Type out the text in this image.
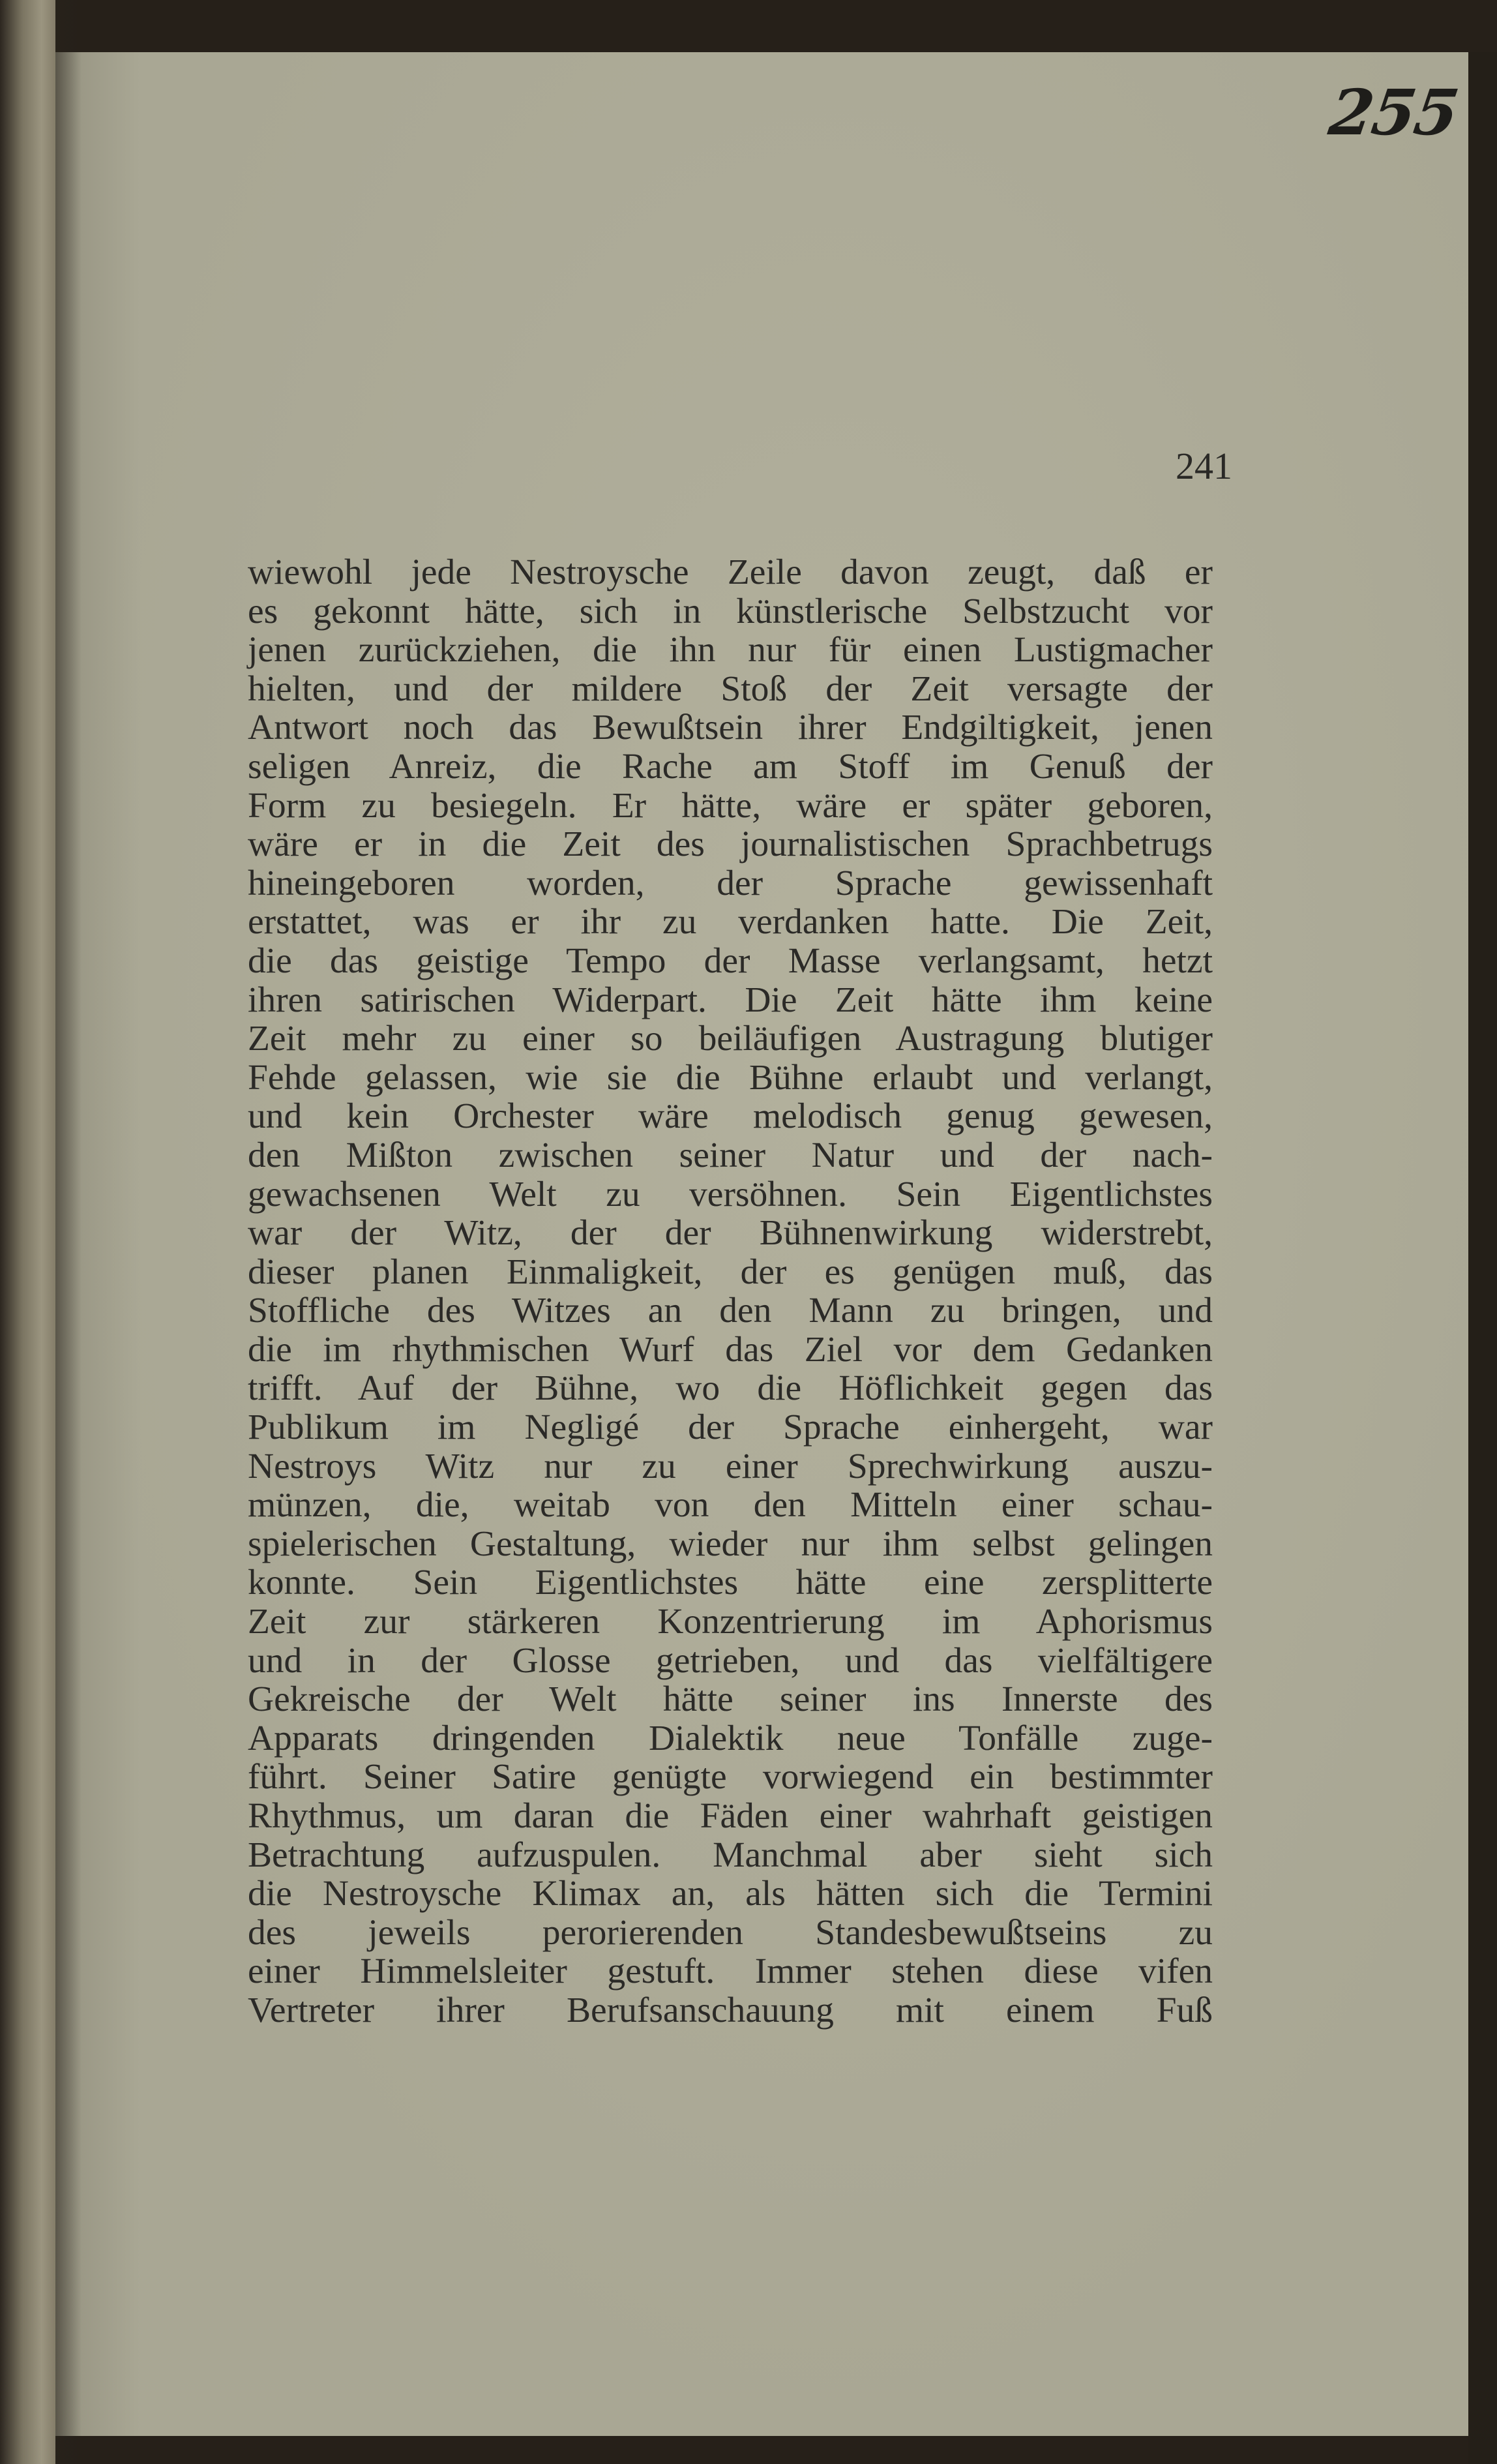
255
241
wiewohl jede Nestroysche Zeile davon zeugt, daß er
es gekonnt hätte, sich in künstlerische Selbstzucht vor
jenen zurückziehen, die ihn nur für einen Lustigmacher
hielten, und der mildere Stoß der Zeit versagte der
Antwort noch das Bewußtsein ihrer Endgiltigkeit, jenen
seligen Anreiz, die Rache am Stoff im Genuß der
Form zu besiegeln. Er hätte, wäre er später geboren,
wäre er in die Zeit des journalistischen Sprachbetrugs
hineingeboren worden, der Sprache gewissenhaft
erstattet, was er ihr zu verdanken hatte. Die Zeit,
die das geistige Tempo der Masse verlangsamt, hetzt
ihren satirischen Widerpart. Die Zeit hätte ihm keine
Zeit mehr zu einer so beiläufigen Austragung blutiger
Fehde gelassen, wie sie die Bühne erlaubt und verlangt,
und kein Orchester wäre melodisch genug gewesen,
den Mißton zwischen seiner Natur und der nach-
gewachsenen Welt zu versöhnen. Sein Eigentlichstes
war der Witz, der der Bühnenwirkung widerstrebt,
dieser planen Einmaligkeit, der es genügen muß, das
Stoffliche des Witzes an den Mann zu bringen, und
die im rhythmischen Wurf das Ziel vor dem Gedanken
trifft. Auf der Bühne, wo die Höflichkeit gegen das
Publikum im Negligé der Sprache einhergeht, war
Nestroys Witz nur zu einer Sprechwirkung auszu-
münzen, die, weitab von den Mitteln einer schau-
spielerischen Gestaltung, wieder nur ihm selbst gelingen
konnte. Sein Eigentlichstes hätte eine zersplitterte
Zeit zur stärkeren Konzentrierung im Aphorismus
und in der Glosse getrieben, und das vielfältigere
Gekreische der Welt hätte seiner ins Innerste des
Apparats dringenden Dialektik neue Tonfälle zuge-
führt. Seiner Satire genügte vorwiegend ein bestimmter
Rhythmus, um daran die Fäden einer wahrhaft geistigen
Betrachtung aufzuspulen. Manchmal aber sieht sich
die Nestroysche Klimax an, als hätten sich die Termini
des jeweils perorierenden Standesbewußtseins zu
einer Himmelsleiter gestuft. Immer stehen diese vifen
Vertreter ihrer Berufsanschauung mit einem Fuß
